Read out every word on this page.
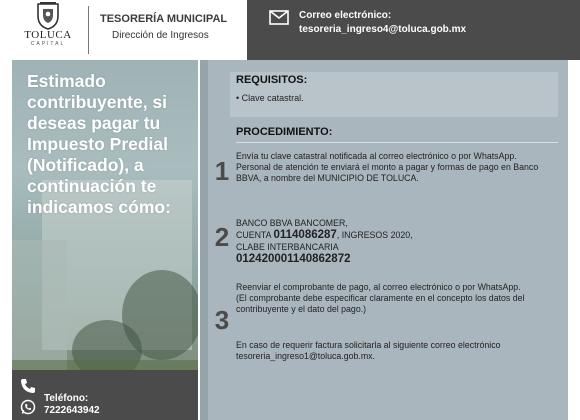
TOLUCA
CAPITAL
TESORERÍA MUNICIPAL
Dirección de Ingresos
Correo electrónico:
tesoreria_ingreso4@toluca.gob.mx
Estimado contribuyente, si deseas pagar tu Impuesto Predial (Notificado), a continuación te indicamos cómo:
Teléfono:
7222643942
REQUISITOS:
• Clave catastral.
PROCEDIMIENTO:
1 Envía tu clave catastral notificada al correo electrónico o por WhatsApp.
Personal de atención te enviará el monto a pagar y formas de pago en Banco BBVA, a nombre del MUNICIPIO DE TOLUCA.
2 BANCO BBVA BANCOMER,
CUENTA 0114086287, INGRESOS 2020,
CLABE INTERBANCARIA
012420001140862872
3
Reenviar el comprobante de pago, al correo electrónico o por WhatsApp.
(El comprobante debe especificar claramente en el concepto los datos del contribuyente y el dato del pago.)
En caso de requerir factura solicitarla al siguiente correo electrónico tesoreria_ingreso1@toluca.gob.mx.
